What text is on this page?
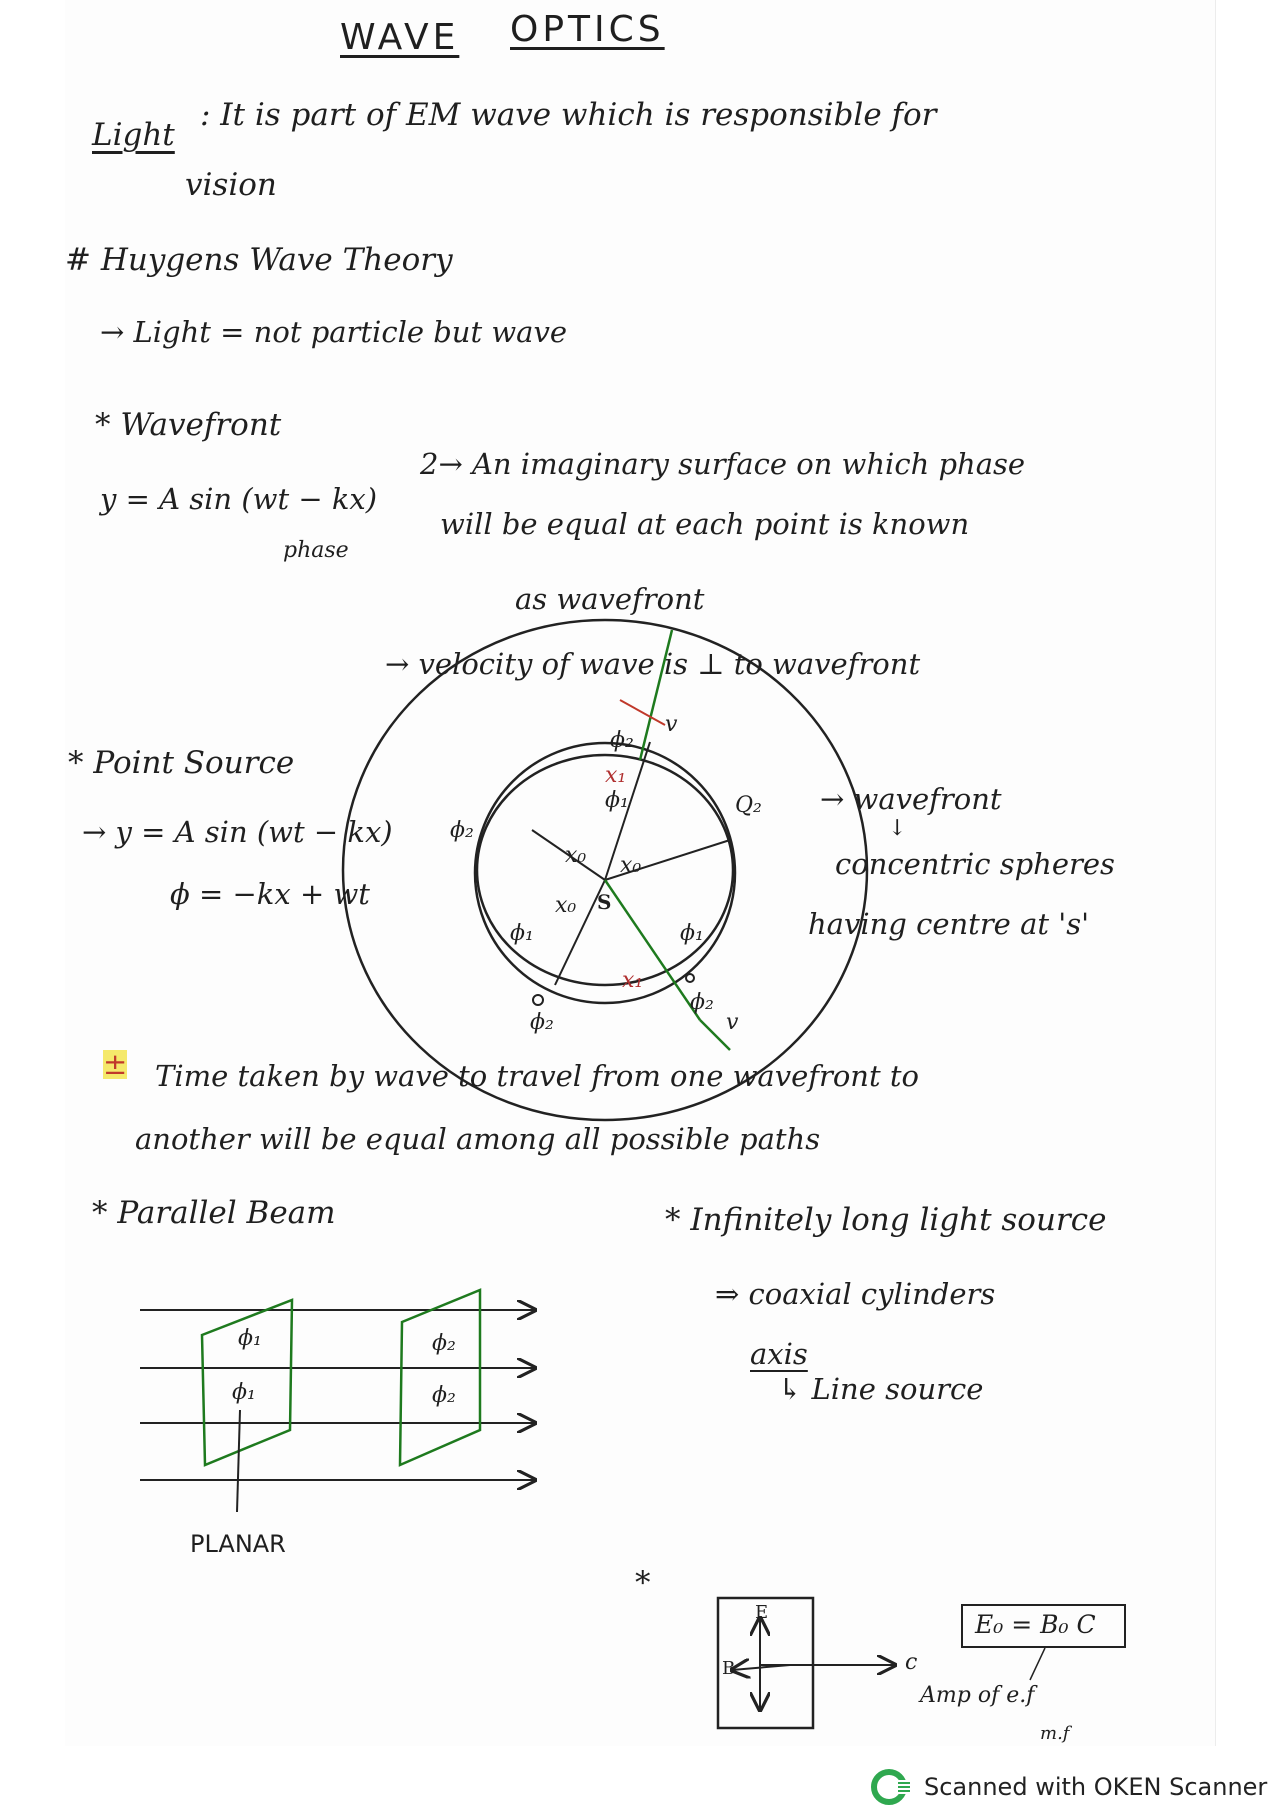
WAVE OPTICS
Light
: It is part of EM wave which is responsible for
vision
# Huygens Wave Theory
→ Light = not particle but wave
* Wavefront
y = A sin (wt − kx)
phase
2→ An imaginary surface on which phase
will be equal at each point is known
as wavefront
→ velocity of wave is ⊥ to wavefront
* Point Source
→ y = A sin (wt − kx)
ϕ = −kx + wt
→ wavefront
↓
concentric spheres
having centre at 's'
S
ϕ₁
ϕ₁	ϕ₁
ϕ₂
ϕ₂
ϕ₂
ϕ₂
Q₂
x₀ x₀
x₀
x₁
x₁
v
v
± Time taken by wave to travel from one wavefront to
another will be equal among all possible paths
* Parallel Beam
ϕ₁
ϕ₁
ϕ₂
ϕ₂
PLANAR
* Infinitely long light source
⇒ coaxial cylinders
axis
↳ Line source
*
E
B	c
E₀ = B₀ C
Amp of e.f
m.f
Scanned with OKEN Scanner
